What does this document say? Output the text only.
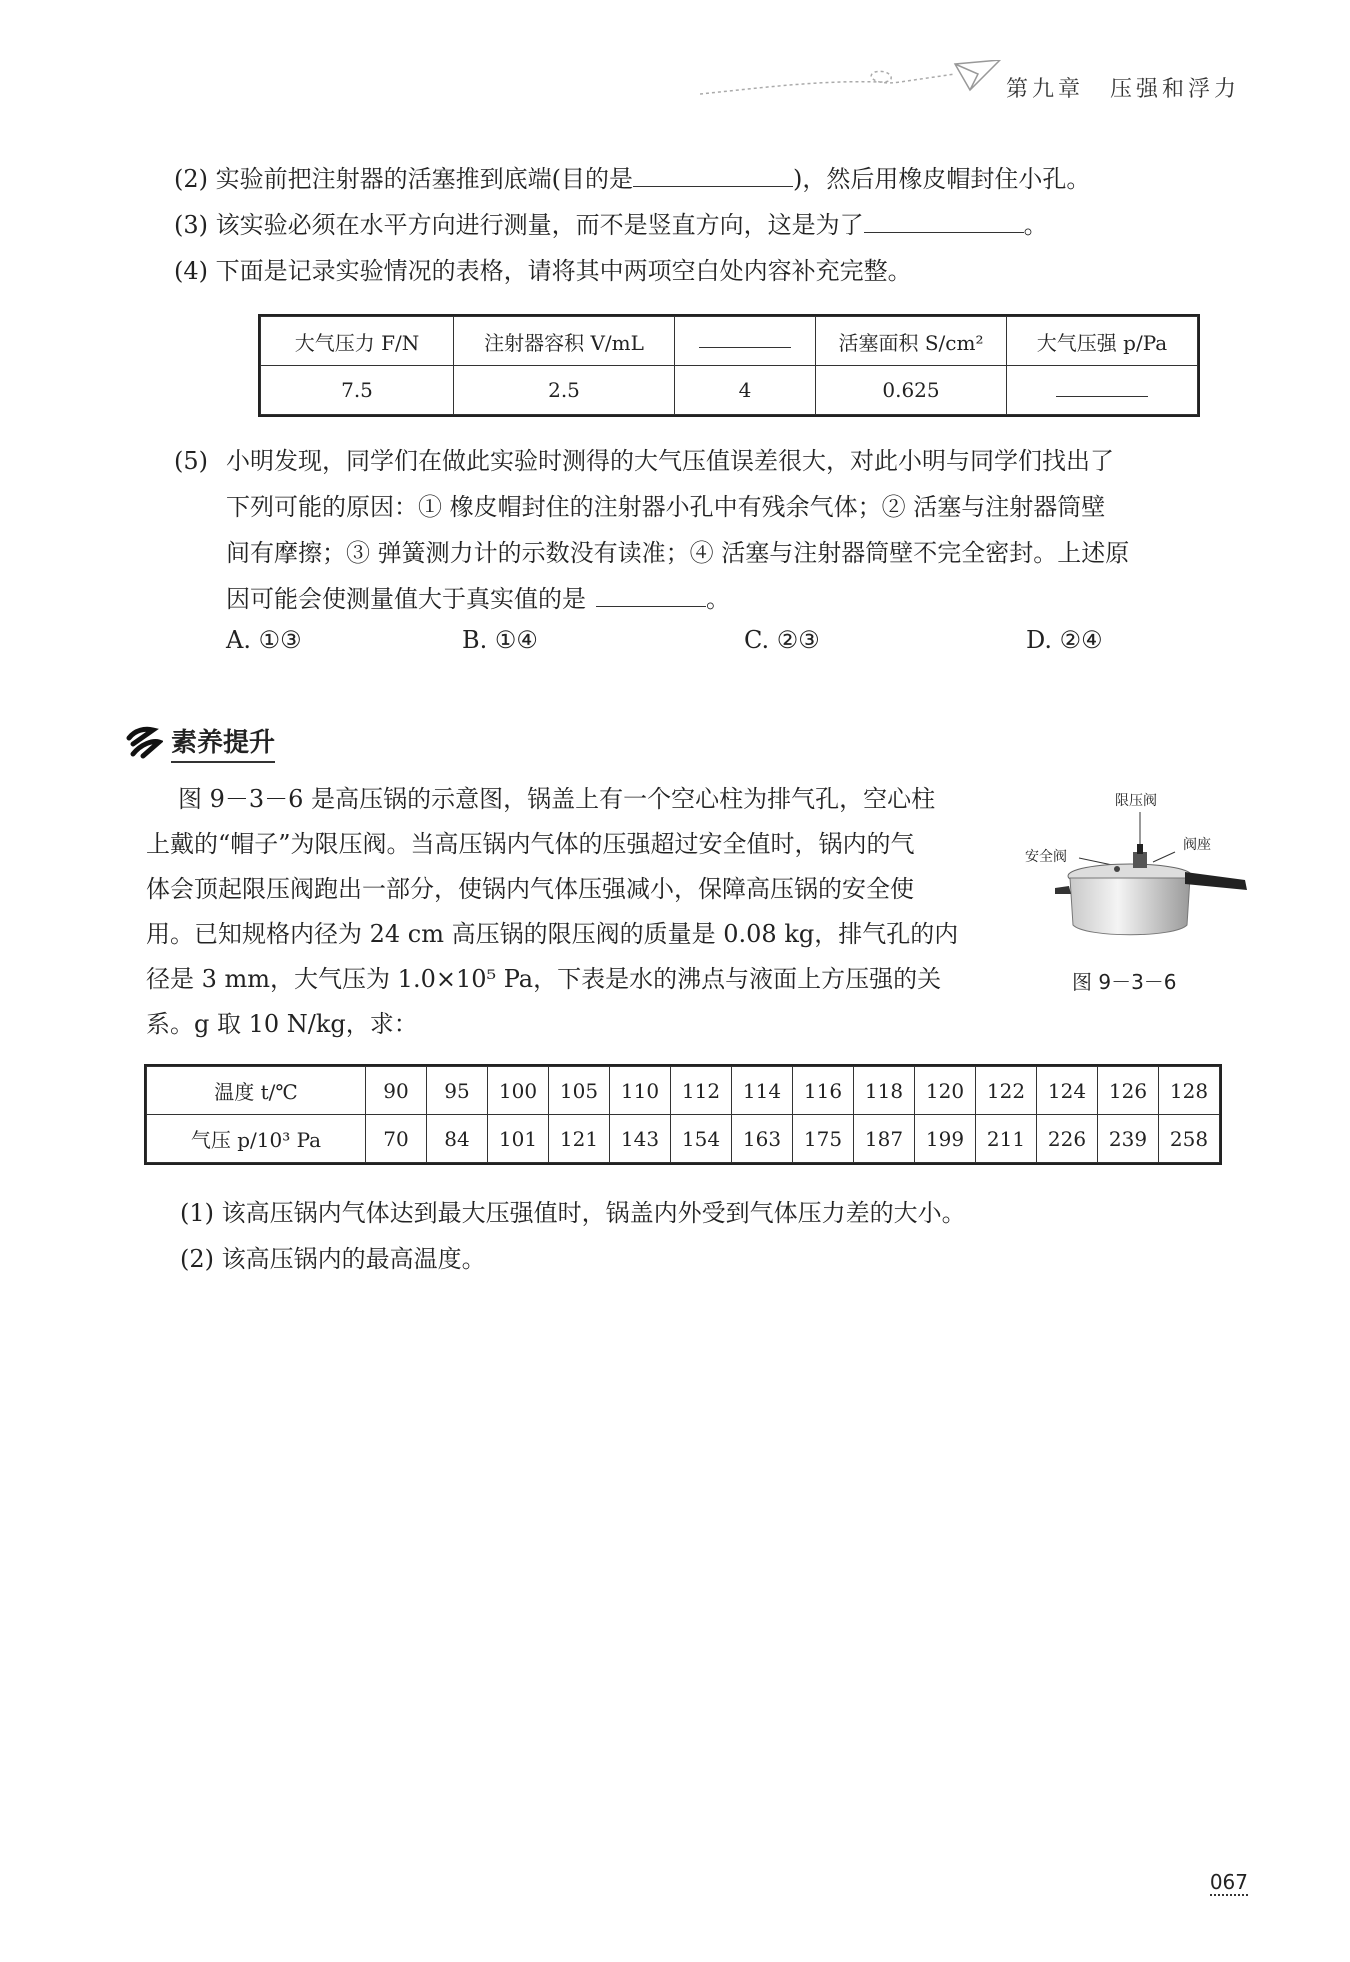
第九章　压强和浮力
(2) 实验前把注射器的活塞推到底端(目的是	)，然后用橡皮帽封住小孔。
(3) 该实验必须在水平方向进行测量，而不是竖直方向，这是为了	。
(4) 下面是记录实验情况的表格，请将其中两项空白处内容补充完整。
大气压力 F/N	注射器容积 V/mL		活塞面积 S/cm²	大气压强 p/Pa
7.5	2.5	4	0.625	
(5) 小明发现，同学们在做此实验时测得的大气压值误差很大，对此小明与同学们找出了
下列可能的原因：① 橡皮帽封住的注射器小孔中有残余气体；② 活塞与注射器筒壁
间有摩擦；③ 弹簧测力计的示数没有读准；④ 活塞与注射器筒壁不完全密封。上述原
因可能会使测量值大于真实值的是	。
A. ①③	B. ①④	C. ②③	D. ②④
素养提升
图 9－3－6 是高压锅的示意图，锅盖上有一个空心柱为排气孔，空心柱
上戴的“帽子”为限压阀。当高压锅内气体的压强超过安全值时，锅内的气
体会顶起限压阀跑出一部分，使锅内气体压强减小，保障高压锅的安全使
用。已知规格内径为 24 cm 高压锅的限压阀的质量是 0.08 kg，排气孔的内
径是 3 mm，大气压为 1.0×10⁵ Pa，下表是水的沸点与液面上方压强的关
系。g 取 10 N/kg，求：
限压阀
安全阀
阀座
图 9－3－6
温度 t/℃	90	95	100	105	110	112	114	116	118	120	122	124	126	128
气压 p/10³ Pa	70	84	101	121	143	154	163	175	187	199	211	226	239	258
(1) 该高压锅内气体达到最大压强值时，锅盖内外受到气体压力差的大小。
(2) 该高压锅内的最高温度。
067
